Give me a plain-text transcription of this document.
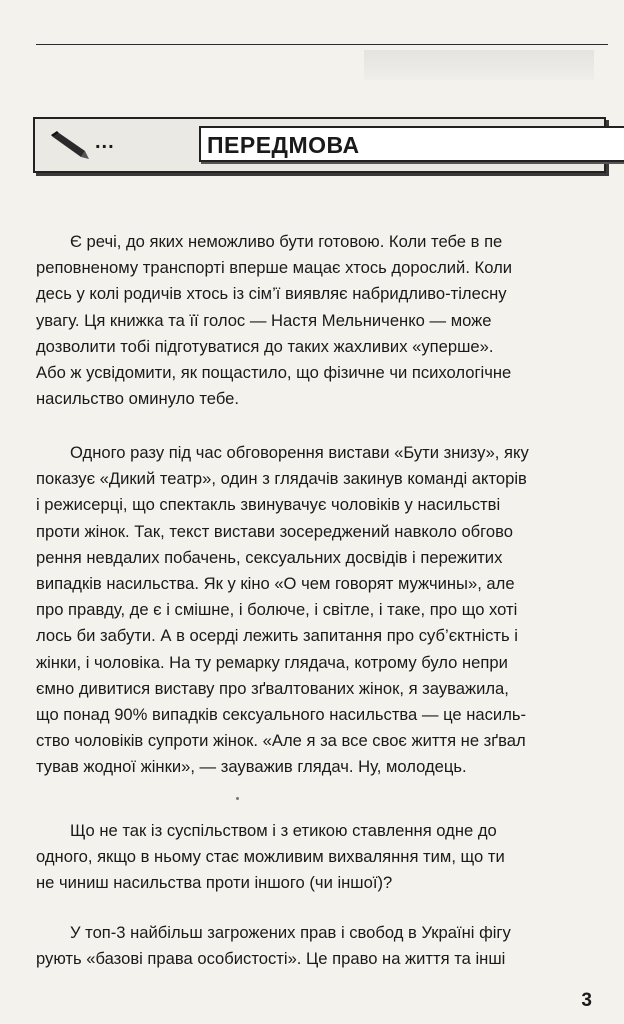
...	ПЕРЕДМОВА

Є речі, до яких неможливо бути готовою. Коли тебе в пе

реповненому транспорті вперше мацає хтось дорослий. Коли
десь у колі родичів хтось із сім’ї виявляє набридливо-тілесну
увагу. Ця книжка та її голос — Настя Мельниченко — може
дозволити тобі підготуватися до таких жахливих «уперше».
Або ж усвідомити, як пощастило, що фізичне чи психологічне
насильство оминуло тебе.

Одного разу під час обговорення вистави «Бути знизу», яку

показує «Дикий театр», один з глядачів закинув команді акторів
і режисерці, що спектакль звинувачує чоловіків у насильстві
проти жінок. Так, текст вистави зосереджений навколо обгово
рення невдалих побачень, сексуальних досвідів і пережитих
випадків насильства. Як у кіно «О чем говорят мужчины», але
про правду, де є і смішне, і болюче, і світле, і таке, про що хоті
лось би забути. А в осерді лежить запитання про суб’єктність і
жінки, і чоловіка. На ту ремарку глядача, котрому було непри
ємно дивитися виставу про зґвалтованих жінок, я зауважила,
що понад 90% випадків сексуального насильства — це насиль-
ство чоловіків супроти жінок. «Але я за все своє життя не зґвал
тував жодної жінки», — зауважив глядач. Ну, молодець.

Що не так із суспільством і з етикою ставлення одне до

одного, якщо в ньому стає можливим вихваляння тим, що ти
не чиниш насильства проти іншого (чи іншої)?

У топ-3 найбільш загрожених прав і свобод в Україні фігу

рують «базові права особистості». Це право на життя та інші
3
